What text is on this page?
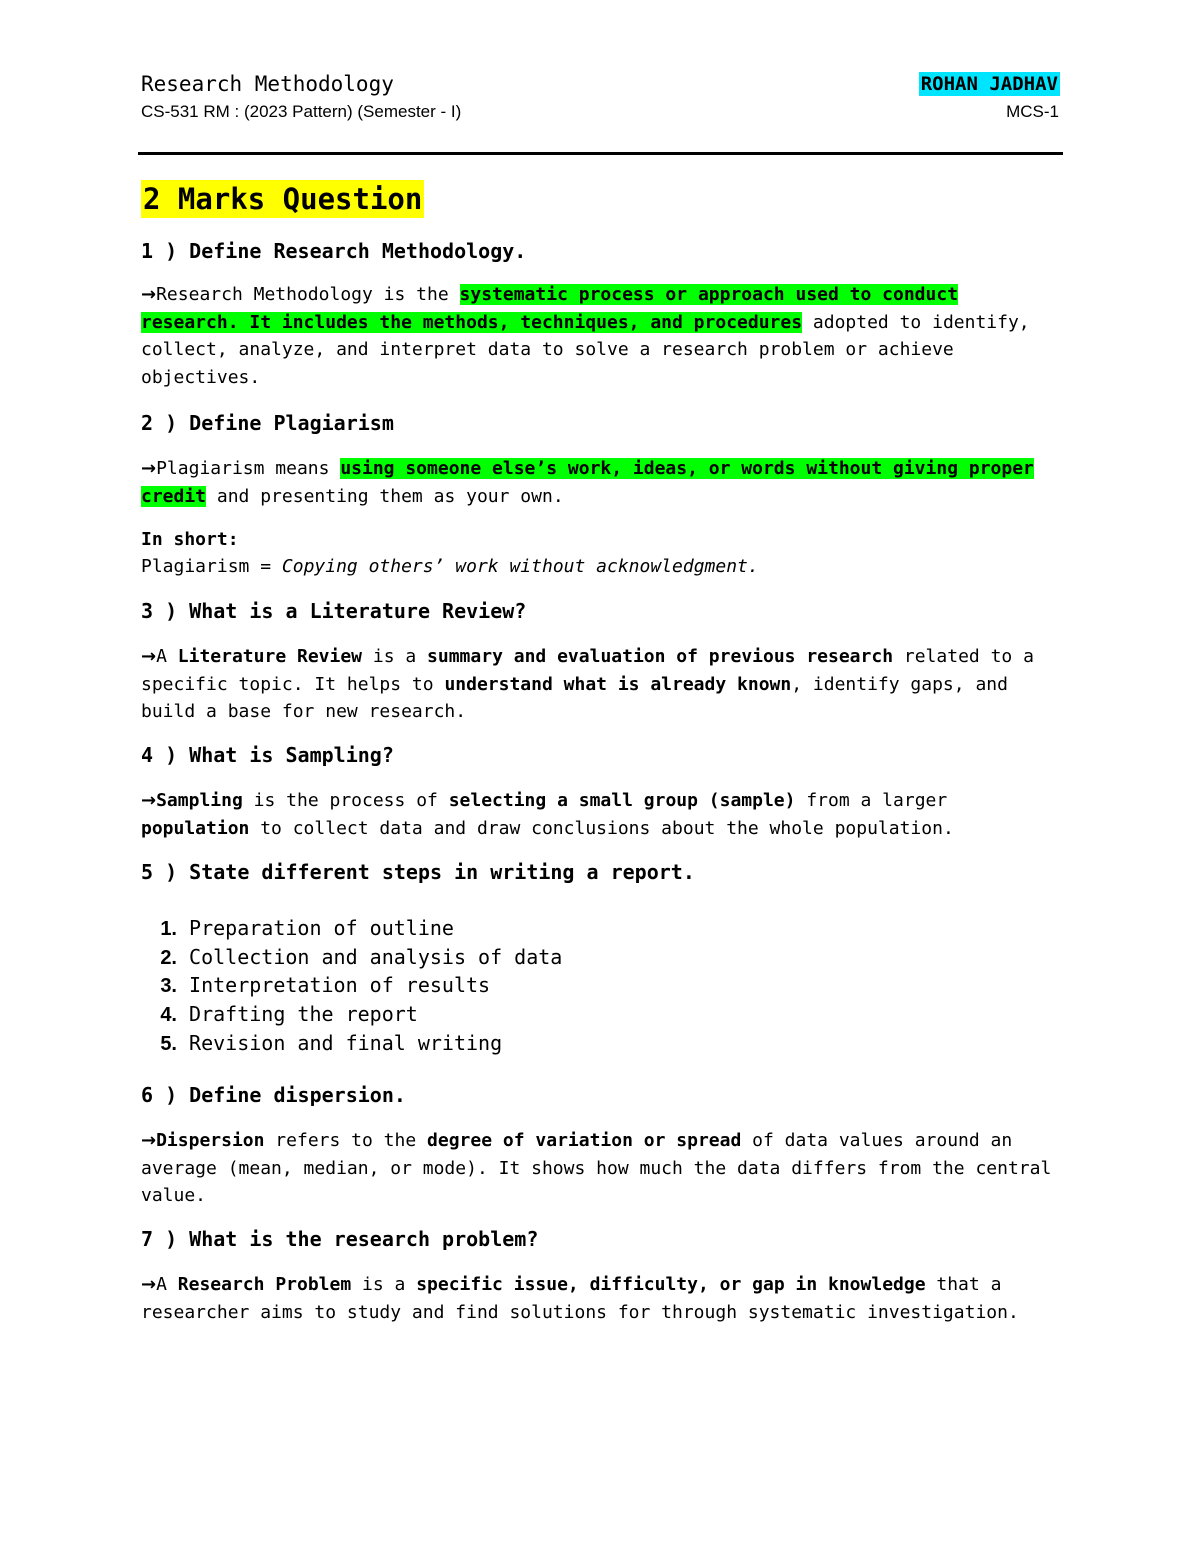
Research Methodology	ROHAN JADHAV
CS-531 RM : (2023 Pattern) (Semester - I)	MCS-1
2 Marks Question

1 ) Define Research Methodology.

→Research Methodology is the systematic process or approach used to conduct research. It includes the methods, techniques, and procedures adopted to identify, collect, analyze, and interpret data to solve a research problem or achieve objectives.

2 ) Define Plagiarism

→Plagiarism means using someone else’s work, ideas, or words without giving proper credit and presenting them as your own.

In short:

Plagiarism = Copying others’ work without acknowledgment.

3 ) What is a Literature Review?

→A Literature Review is a summary and evaluation of previous research related to a specific topic. It helps to understand what is already known, identify gaps, and build a base for new research.

4 ) What is Sampling?

→Sampling is the process of selecting a small group (sample) from a larger population to collect data and draw conclusions about the whole population.

5 ) State different steps in writing a report.

1. Preparation of outline
2. Collection and analysis of data
3. Interpretation of results
4. Drafting the report
5. Revision and final writing

6 ) Define dispersion.

→Dispersion refers to the degree of variation or spread of data values around an average (mean, median, or mode). It shows how much the data differs from the central value.

7 ) What is the research problem?

→A Research Problem is a specific issue, difficulty, or gap in knowledge that a researcher aims to study and find solutions for through systematic investigation.
